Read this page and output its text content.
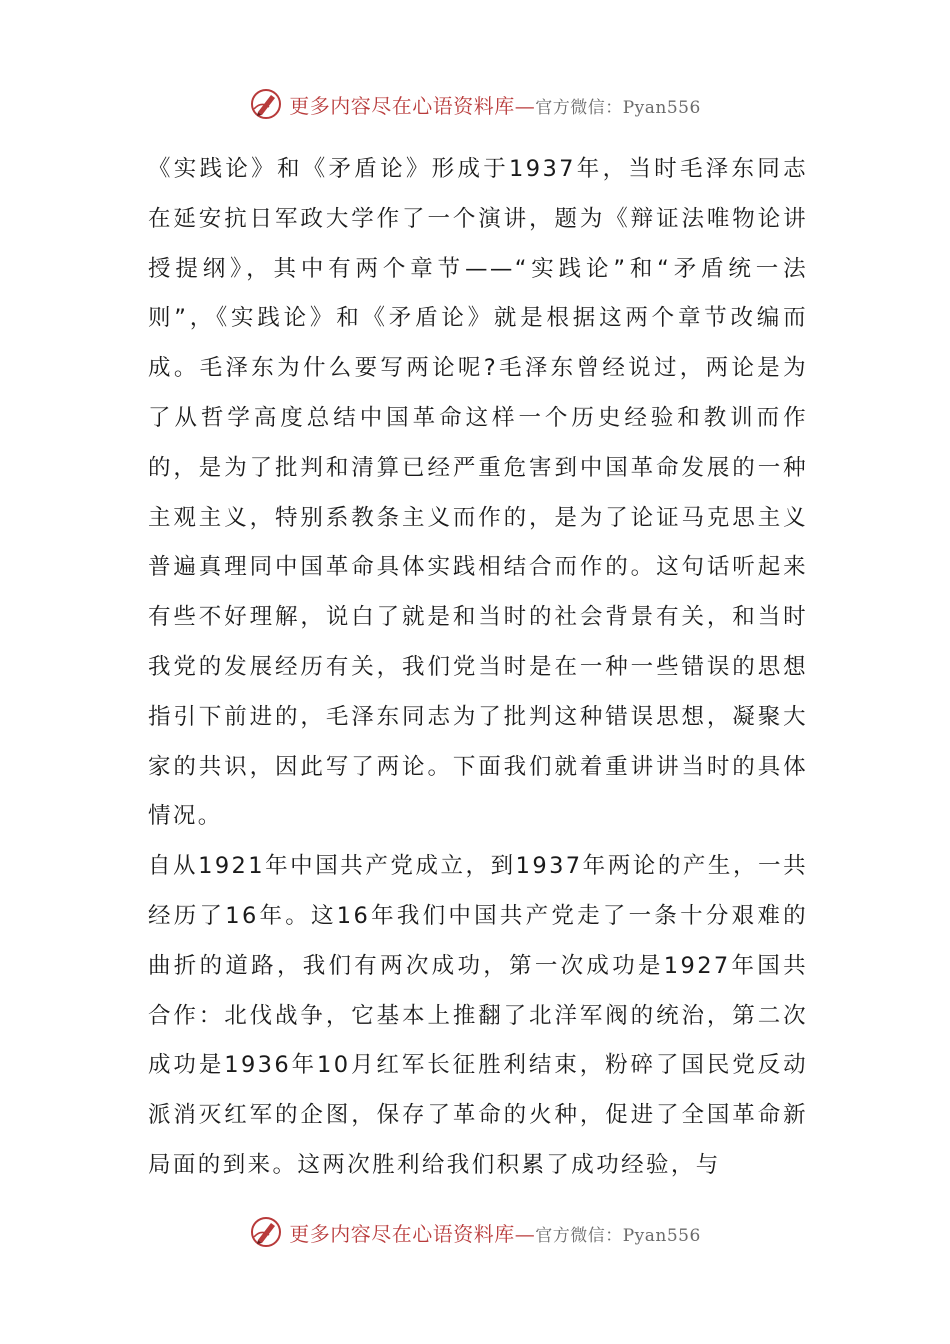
更多内容尽在心语资料库—官方微信：Pyan556

《实践论》和《矛盾论》形成于1937年，当时毛泽东同志在延安抗日军政大学作了一个演讲，题为《辩证法唯物论讲授提纲》，其中有两个章节——“实践论”和“矛盾统一法则”，《实践论》和《矛盾论》就是根据这两个章节改编而成。毛泽东为什么要写两论呢?毛泽东曾经说过，两论是为了从哲学高度总结中国革命这样一个历史经验和教训而作的，是为了批判和清算已经严重危害到中国革命发展的一种主观主义，特别系教条主义而作的，是为了论证马克思主义普遍真理同中国革命具体实践相结合而作的。这句话听起来有些不好理解，说白了就是和当时的社会背景有关，和当时我党的发展经历有关，我们党当时是在一种一些错误的思想指引下前进的，毛泽东同志为了批判这种错误思想，凝聚大家的共识，因此写了两论。下面我们就着重讲讲当时的具体情况。

自从1921年中国共产党成立，到1937年两论的产生，一共经历了16年。这16年我们中国共产党走了一条十分艰难的曲折的道路，我们有两次成功，第一次成功是1927年国共合作：北伐战争，它基本上推翻了北洋军阀的统治，第二次成功是1936年10月红军长征胜利结束，粉碎了国民党反动派消灭红军的企图，保存了革命的火种，促进了全国革命新局面的到来。这两次胜利给我们积累了成功经验，与

更多内容尽在心语资料库—官方微信：Pyan556
